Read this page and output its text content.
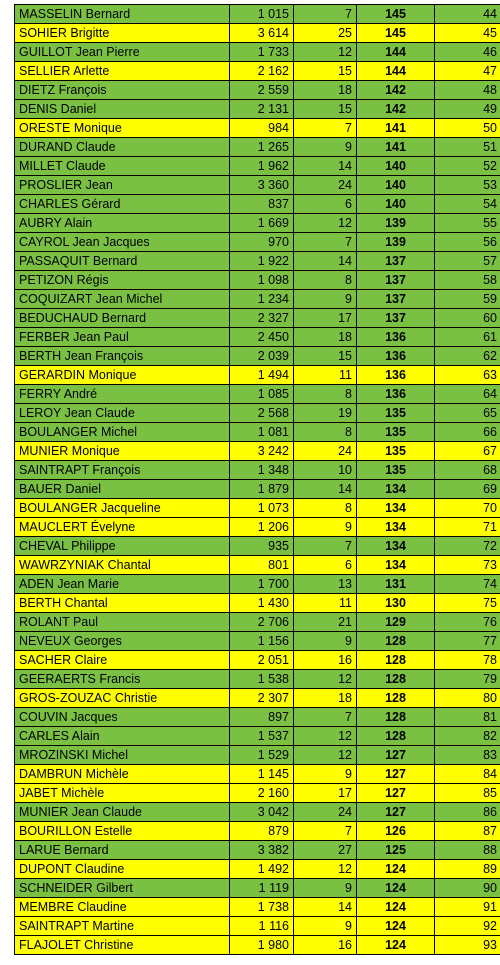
MASSELIN Bernard	1 015	7	145	44
SOHIER Brigitte	3 614	25	145	45
GUILLOT Jean Pierre	1 733	12	144	46
SELLIER Arlette	2 162	15	144	47
DIETZ François	2 559	18	142	48
DENIS Daniel	2 131	15	142	49
ORESTE Monique	984	7	141	50
DURAND Claude	1 265	9	141	51
MILLET Claude	1 962	14	140	52
PROSLIER Jean	3 360	24	140	53
CHARLES Gérard	837	6	140	54
AUBRY Alain	1 669	12	139	55
CAYROL Jean Jacques	970	7	139	56
PASSAQUIT Bernard	1 922	14	137	57
PETIZON Régis	1 098	8	137	58
COQUIZART Jean Michel	1 234	9	137	59
BEDUCHAUD Bernard	2 327	17	137	60
FERBER Jean Paul	2 450	18	136	61
BERTH Jean François	2 039	15	136	62
GERARDIN Monique	1 494	11	136	63
FERRY André	1 085	8	136	64
LEROY Jean Claude	2 568	19	135	65
BOULANGER Michel	1 081	8	135	66
MUNIER Monique	3 242	24	135	67
SAINTRAPT François	1 348	10	135	68
BAUER Daniel	1 879	14	134	69
BOULANGER Jacqueline	1 073	8	134	70
MAUCLERT Évelyne	1 206	9	134	71
CHEVAL Philippe	935	7	134	72
WAWRZYNIAK Chantal	801	6	134	73
ADEN Jean Marie	1 700	13	131	74
BERTH Chantal	1 430	11	130	75
ROLANT Paul	2 706	21	129	76
NEVEUX Georges	1 156	9	128	77
SACHER Claire	2 051	16	128	78
GEERAERTS Francis	1 538	12	128	79
GROS-ZOUZAC Christie	2 307	18	128	80
COUVIN Jacques	897	7	128	81
CARLES Alain	1 537	12	128	82
MROZINSKI Michel	1 529	12	127	83
DAMBRUN Michèle	1 145	9	127	84
JABET Michèle	2 160	17	127	85
MUNIER Jean Claude	3 042	24	127	86
BOURILLON Estelle	879	7	126	87
LARUE Bernard	3 382	27	125	88
DUPONT Claudine	1 492	12	124	89
SCHNEIDER Gilbert	1 119	9	124	90
MEMBRE Claudine	1 738	14	124	91
SAINTRAPT Martine	1 116	9	124	92
FLAJOLET Christine	1 980	16	124	93
